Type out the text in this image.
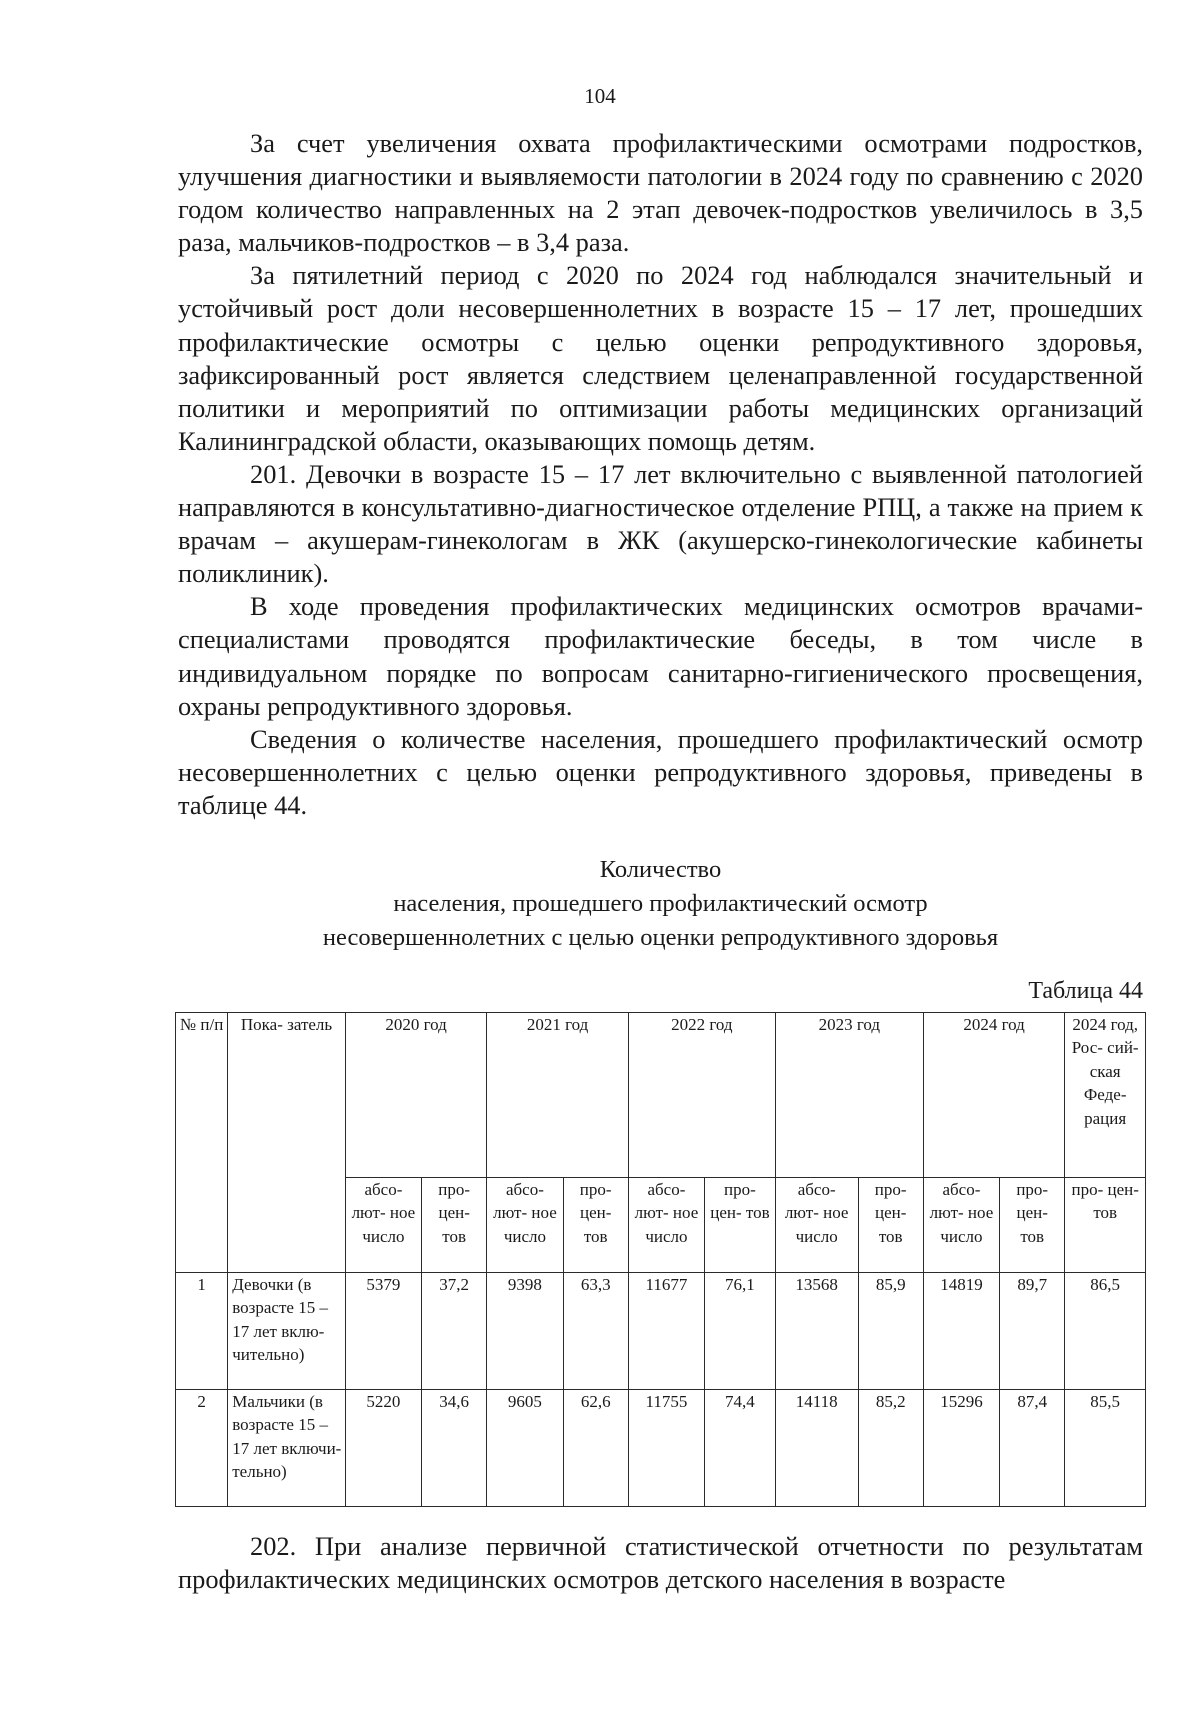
104

За счет увеличения охвата профилактическими осмотрами подростков, улучшения диагностики и выявляемости патологии в 2024 году по сравнению с 2020 годом количество направленных на 2 этап девочек-подростков увеличилось в 3,5 раза, мальчиков-подростков – в 3,4 раза.

За пятилетний период с 2020 по 2024 год наблюдался значительный и устойчивый рост доли несовершеннолетних в возрасте 15 – 17 лет, прошедших профилактические осмотры с целью оценки репродуктивного здоровья, зафиксированный рост является следствием целенаправленной государственной политики и мероприятий по оптимизации работы медицинских организаций Калининградской области, оказывающих помощь детям.

201. Девочки в возрасте 15 – 17 лет включительно с выявленной патологией направляются в консультативно-диагностическое отделение РПЦ, а также на прием к врачам – акушерам-гинекологам в ЖК (акушерско-гинекологические кабинеты поликлиник).

В ходе проведения профилактических медицинских осмотров врачами-специалистами проводятся профилактические беседы, в том числе в индивидуальном порядке по вопросам санитарно-гигиенического просвещения, охраны репродуктивного здоровья.

Сведения о количестве населения, прошедшего профилактический осмотр несовершеннолетних с целью оценки репродуктивного здоровья, приведены в таблице 44.

Количество
населения, прошедшего профилактический осмотр
несовершеннолетних с целью оценки репродуктивного здоровья
Таблица 44
№ п/п	Пока- затель	2020 год		2021 год		2022 год		2023 год		2024 год		2024 год, Рос- сий- ская Феде- рация
		абсо- лют- ное число	про- цен- тов	абсо- лют- ное число	про- цен- тов	абсо- лют- ное число	про- цен- тов	абсо- лют- ное число	про- цен- тов	абсо- лют- ное число	про- цен- тов	про- цен- тов
1	Девочки (в возрасте 15 – 17 лет вклю- чительно)	5379	37,2	9398	63,3	11677	76,1	13568	85,9	14819	89,7	86,5
2	Мальчики (в возрасте 15 – 17 лет включи- тельно)	5220	34,6	9605	62,6	11755	74,4	14118	85,2	15296	87,4	85,5

202. При анализе первичной статистической отчетности по результатам профилактических медицинских осмотров детского населения в возрасте
